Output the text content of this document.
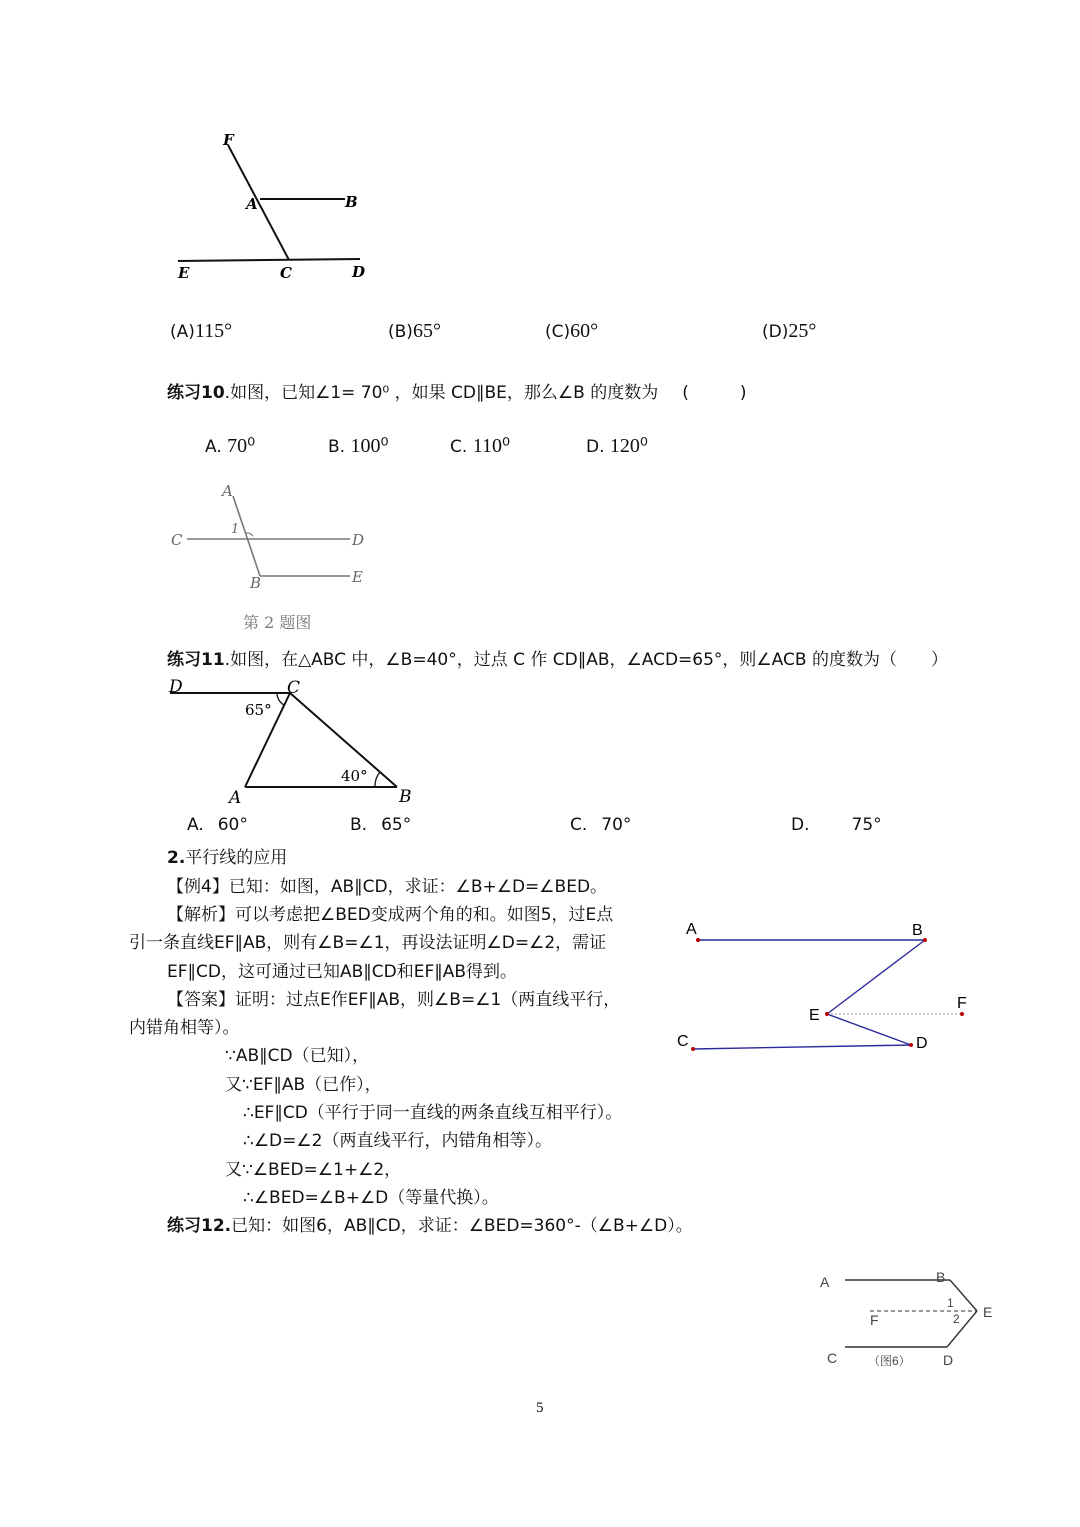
F
A	B
E	C	D
(A)115°	(B)65°	(C)60°	(D)25°
练习10.如图，已知∠1= 70⁰ ，如果 CD∥BE，那么∠B 的度数为 (　　　)
A. 70⁰	B. 100⁰	C. 110⁰	D. 120⁰
A
C
1
D
B	E
第 2 题图
练习11.如图，在△ABC 中，∠B=40°，过点 C 作 CD∥AB，∠ACD=65°，则∠ACB 的度数为（　　）
D	C
A	B
65°
40°
A. 60°	B. 65°	C. 70°	D. 75°
2.平行线的应用
【例4】已知：如图，AB∥CD，求证：∠B+∠D=∠BED。
【解析】可以考虑把∠BED变成两个角的和。如图5，过E点
引一条直线EF∥AB，则有∠B=∠1，再设法证明∠D=∠2，需证
EF∥CD，这可通过已知AB∥CD和EF∥AB得到。
【答案】证明：过点E作EF∥AB，则∠B=∠1（两直线平行，
内错角相等）。
∵AB∥CD（已知），
又∵EF∥AB（已作），
∴EF∥CD（平行于同一直线的两条直线互相平行）。
∴∠D=∠2（两直线平行，内错角相等）。
又∵∠BED=∠1+∠2，
∴∠BED=∠B+∠D（等量代换）。
A	B
E
F
C	D
练习12.已知：如图6，AB∥CD，求证：∠BED=360°-（∠B+∠D）。
A	B
1
E
F	2
C	D
（图6）
5
